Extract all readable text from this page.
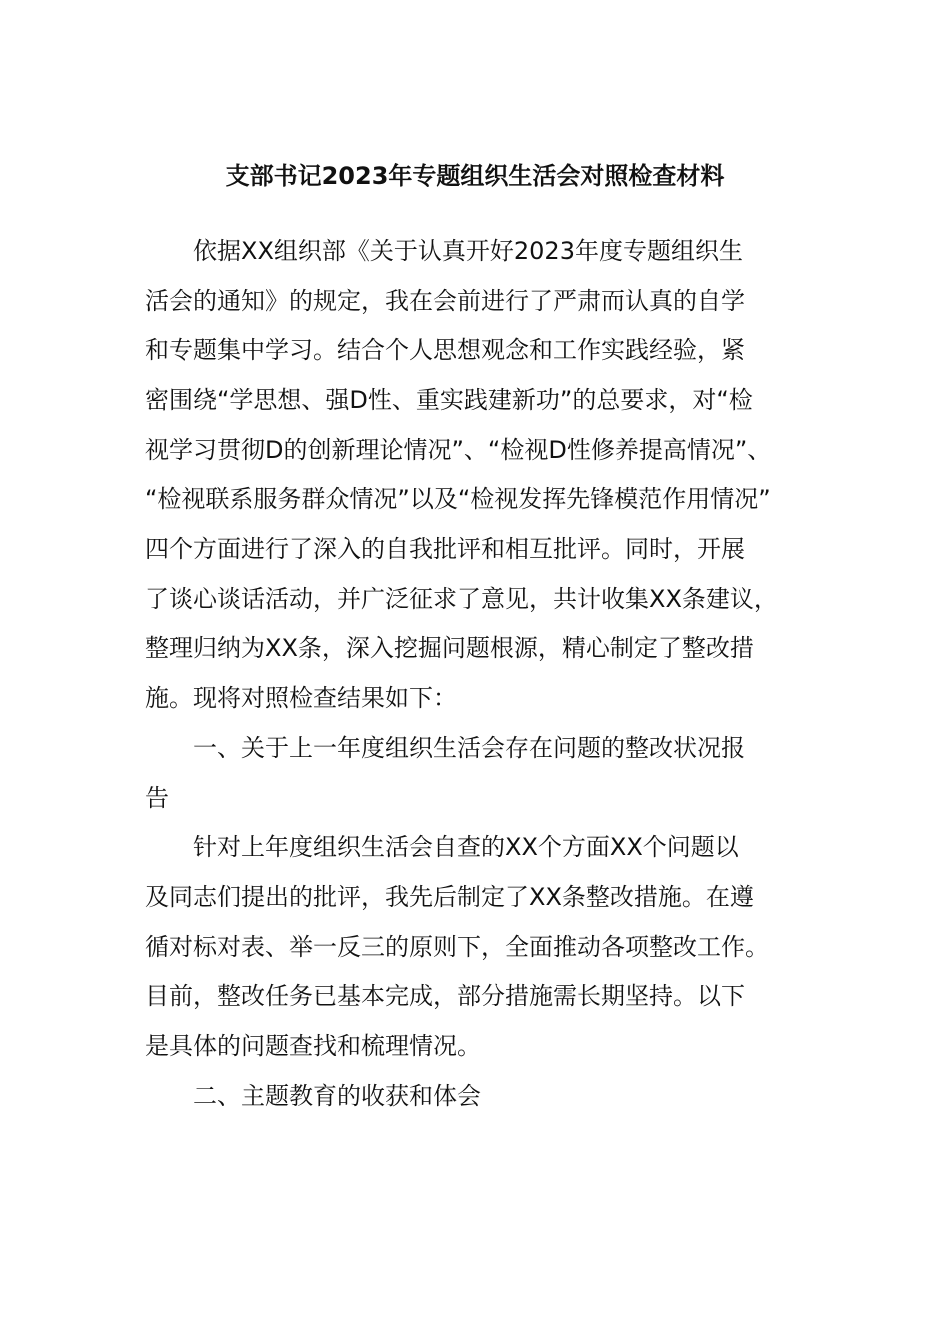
支部书记2023年专题组织生活会对照检查材料
依据XX组织部《关于认真开好2023年度专题组织生
活会的通知》的规定，我在会前进行了严肃而认真的自学
和专题集中学习。结合个人思想观念和工作实践经验，紧
密围绕“学思想、强D性、重实践建新功”的总要求，对“检
视学习贯彻D的创新理论情况”、“检视D性修养提高情况”、
“检视联系服务群众情况”以及“检视发挥先锋模范作用情况”
四个方面进行了深入的自我批评和相互批评。同时，开展
了谈心谈话活动，并广泛征求了意见，共计收集XX条建议，
整理归纳为XX条，深入挖掘问题根源，精心制定了整改措
施。现将对照检查结果如下：
一、关于上一年度组织生活会存在问题的整改状况报
告
针对上年度组织生活会自查的XX个方面XX个问题以
及同志们提出的批评，我先后制定了XX条整改措施。在遵
循对标对表、举一反三的原则下，全面推动各项整改工作。
目前，整改任务已基本完成，部分措施需长期坚持。以下
是具体的问题查找和梳理情况。
二、主题教育的收获和体会
